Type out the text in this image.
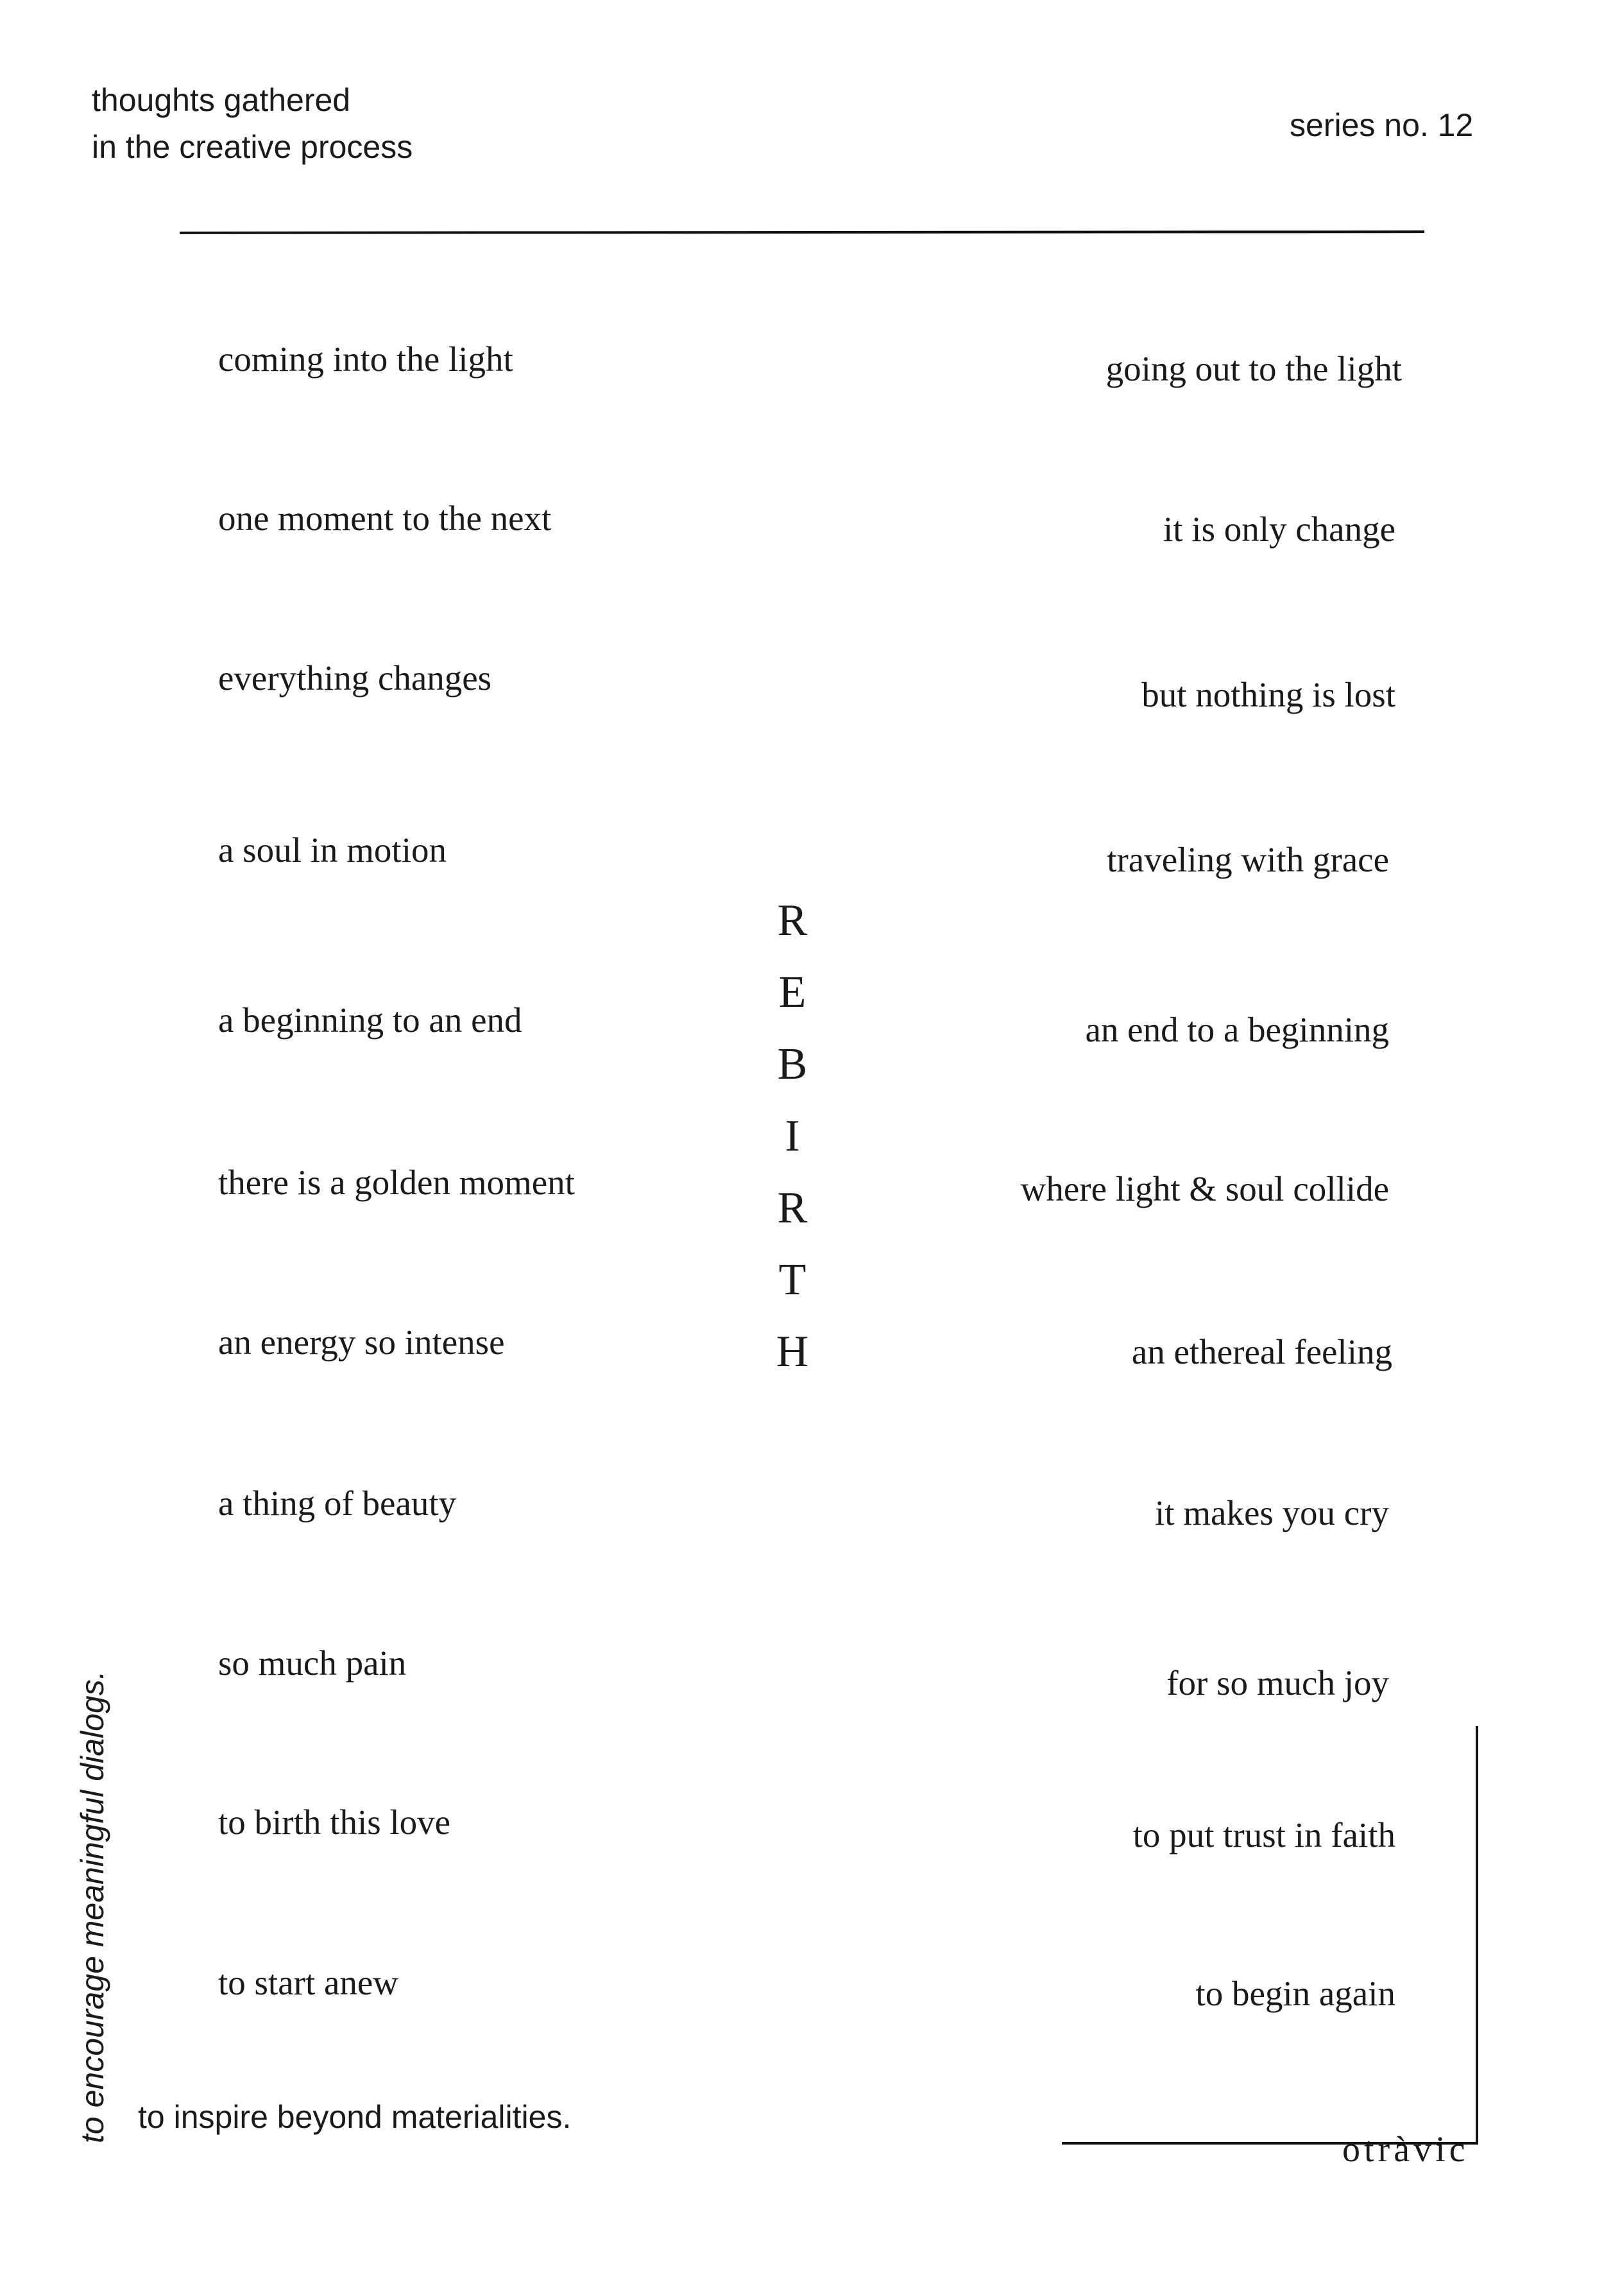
thoughts gathered
in the creative process
series no. 12
coming into the light
one moment to the next
everything changes
a soul in motion
a beginning to an end
there is a golden moment
an energy so intense
a thing of beauty
so much pain
to birth this love
to start anew
going out to the light
it is only change
but nothing is lost
traveling with grace
an end to a beginning
where light & soul collide
an ethereal feeling
it makes you cry
for so much joy
to put trust in faith
to begin again
R
E
B
I
R
T
H
to encourage meaningful dialogs. to inspire beyond materialities.
otràvic
